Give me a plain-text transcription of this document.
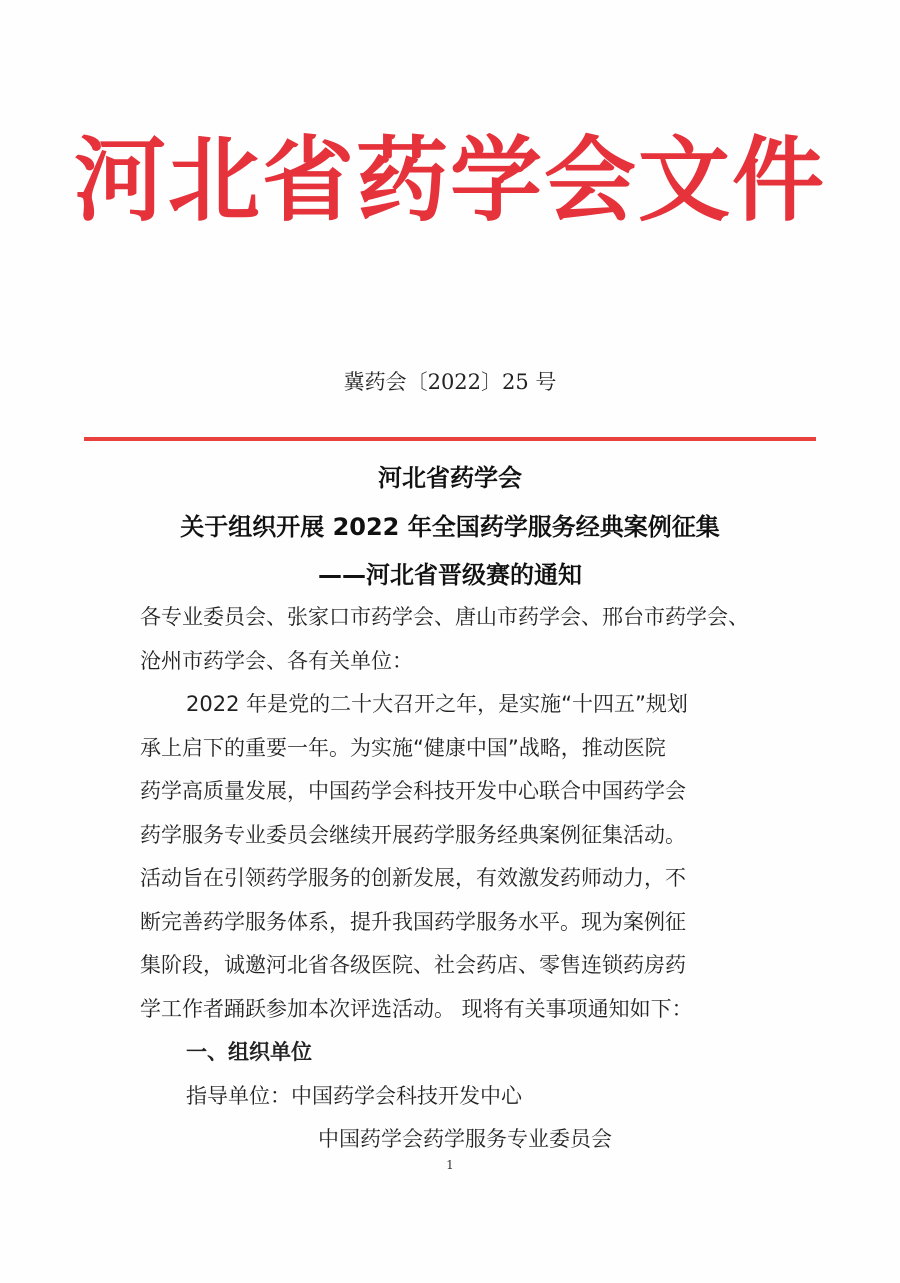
河北省药学会文件
冀药会〔2022〕25 号
河北省药学会
关于组织开展 2022 年全国药学服务经典案例征集
——河北省晋级赛的通知
各专业委员会、张家口市药学会、唐山市药学会、邢台市药学会、
沧州市药学会、各有关单位：
2022 年是党的二十大召开之年，是实施“十四五”规划
承上启下的重要一年。为实施“健康中国”战略，推动医院
药学高质量发展，中国药学会科技开发中心联合中国药学会
药学服务专业委员会继续开展药学服务经典案例征集活动。
活动旨在引领药学服务的创新发展，有效激发药师动力，不
断完善药学服务体系，提升我国药学服务水平。现为案例征
集阶段，诚邀河北省各级医院、社会药店、零售连锁药房药
学工作者踊跃参加本次评选活动。 现将有关事项通知如下：
一、组织单位
指导单位：中国药学会科技开发中心
中国药学会药学服务专业委员会
1
